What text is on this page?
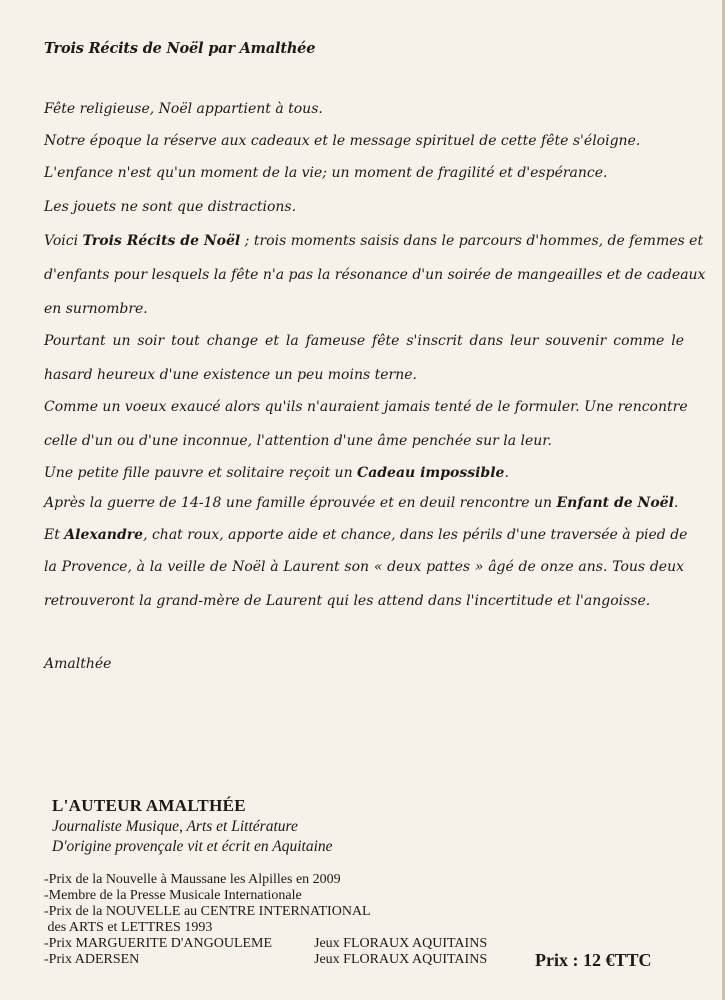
Trois Récits de Noël par Amalthée
Fête religieuse, Noël appartient à tous.
Notre époque la réserve aux cadeaux et le message spirituel de cette fête s'éloigne.
L'enfance n'est qu'un moment de la vie; un moment de fragilité et d'espérance.
Les jouets ne sont que distractions.
Voici Trois Récits de Noël ; trois moments saisis dans le parcours d'hommes, de femmes et
d'enfants pour lesquels la fête n'a pas la résonance d'un soirée de mangeailles et de cadeaux
en surnombre.
Pourtant un soir tout change et la fameuse fête s'inscrit dans leur souvenir comme le
hasard heureux d'une existence un peu moins terne.
Comme un voeux exaucé alors qu'ils n'auraient jamais tenté de le formuler. Une rencontre
celle d'un ou d'une inconnue, l'attention d'une âme penchée sur la leur.
Une petite fille pauvre et solitaire reçoit un Cadeau impossible.
Après la guerre de 14-18 une famille éprouvée et en deuil rencontre un Enfant de Noël.
Et Alexandre, chat roux, apporte aide et chance, dans les périls d'une traversée à pied de
la Provence, à la veille de Noël à Laurent son « deux pattes » âgé de onze ans. Tous deux
retrouveront la grand-mère de Laurent qui les attend dans l'incertitude et l'angoisse.
Amalthée
L'AUTEUR AMALTHÉE
Journaliste Musique, Arts et Littérature
D'origine provençale vit et écrit en Aquitaine
-Prix de la Nouvelle à Maussane les Alpilles en 2009
-Membre de la Presse Musicale Internationale
-Prix de la NOUVELLE au CENTRE INTERNATIONAL
des ARTS et LETTRES 1993
-Prix MARGUERITE D'ANGOULEME	Jeux FLORAUX AQUITAINS
-Prix ADERSEN	Jeux FLORAUX AQUITAINS	Prix : 12 €TTC
